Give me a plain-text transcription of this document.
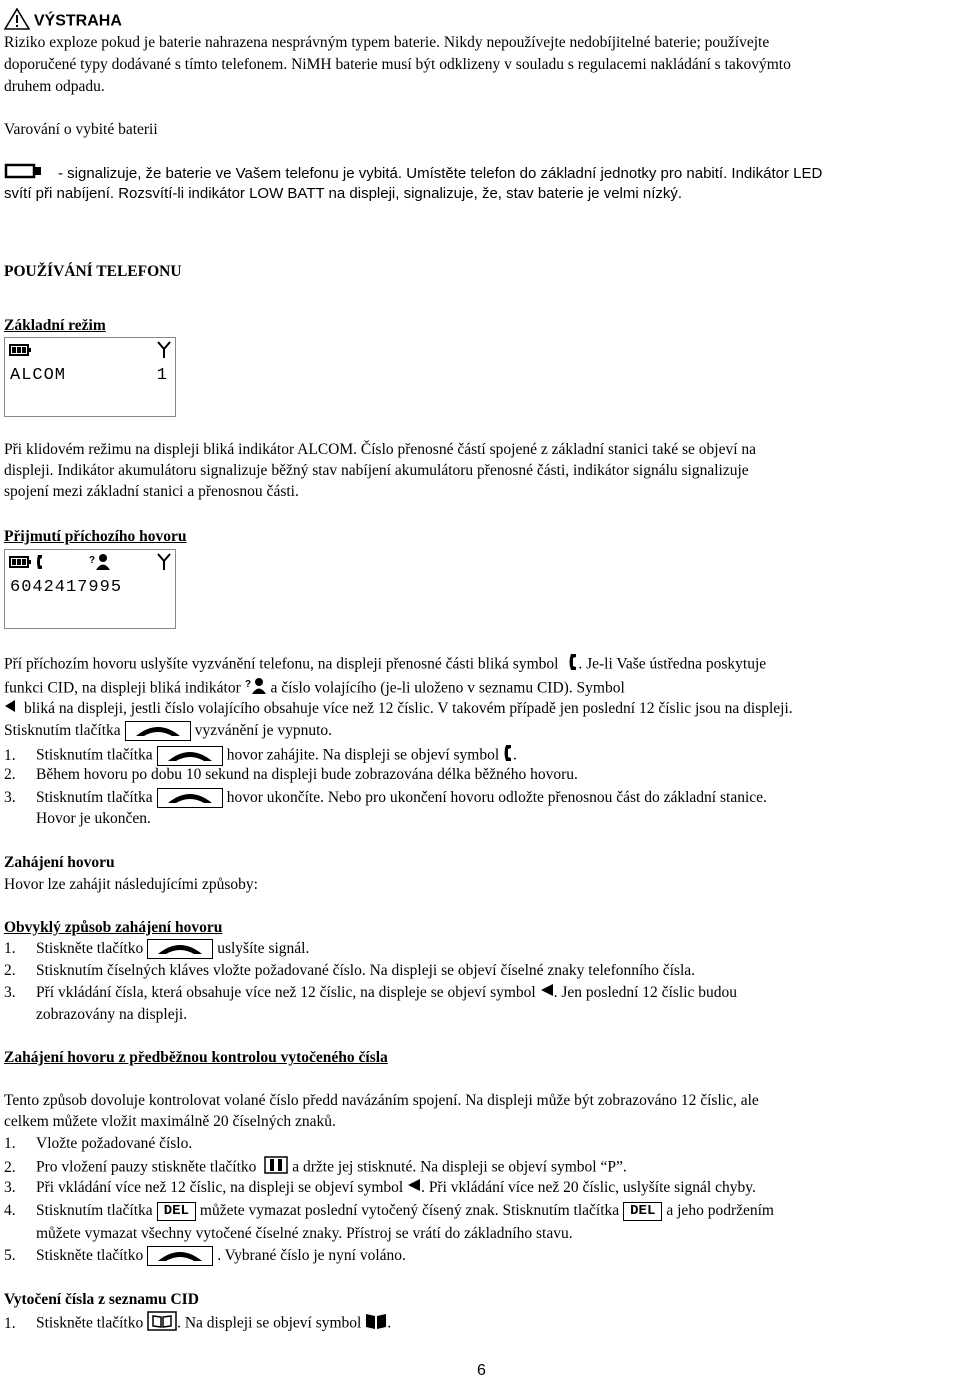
VÝSTRAHA
Riziko exploze pokud je baterie nahrazena nesprávným typem baterie. Nikdy nepoužívejte nedobíjitelné baterie; používejte
doporučené typy dodávané s tímto telefonem. NiMH baterie musí být odklizeny v souladu s regulacemi nakládání s takovýmto
druhem odpadu.
Varování o vybité baterii
- signalizuje, že baterie ve Vašem telefonu je vybitá. Umístěte telefon do základní jednotky pro nabití. Indikátor LED
svítí při nabíjení. Rozsvítí-li indikátor LOW BATT na displeji, signalizuje, že, stav baterie je velmi nízký.
POUŽÍVÁNÍ TELEFONU
Základní režim
ALCOM	1
Při klidovém režimu na displeji bliká indikátor ALCOM. Číslo přenosné částí spojené z základní stanici také se objeví na
displeji. Indikátor akumulátoru signalizuje běžný stav nabíjení akumulátoru přenosné části, indikátor signálu signalizuje
spojení mezi základní stanici a přenosnou části.
Přijmutí příchozího hovoru
?
6042417995
Pří příchozím hovoru uslyšíte vyzvánění telefonu, na displeji přenosné části bliká symbol . Je-li Vaše ústředna poskytuje
funkci CID, na displeji bliká indikátor ? a číslo volajícího (je-li uloženo v seznamu CID). Symbol
bliká na displeji, jestli číslo volajícího obsahuje více než 12 číslic. V takovém případě jen poslední 12 číslic jsou na displeji.
Stisknutím tlačítka	vyzvánění je vypnuto.
1. Stisknutím tlačítka	hovor zahájite. Na displeji se objeví symbol .
2. Během hovoru po dobu 10 sekund na displeji bude zobrazována délka běžného hovoru.
3. Stisknutím tlačítka	hovor ukončíte. Nebo pro ukončení hovoru odložte přenosnou část do základní stanice.
Hovor je ukončen.
Zahájení hovoru
Hovor lze zahájit následujícími způsoby:
Obvyklý způsob zahájení hovoru
1. Stiskněte tlačítko	uslyšíte signál.
2. Stisknutím číselných kláves vložte požadované číslo. Na displeji se objeví číselné znaky telefonního čísla.
3. Pří vkládání čísla, která obsahuje více než 12 číslic, na displeje se objeví symbol . Jen poslední 12 číslic budou
zobrazovány na displeji.
Zahájení hovoru z předběžnou kontrolou vytočeného čísla
Tento způsob dovoluje kontrolovat volané číslo předd navázáním spojení. Na displeji může být zobrazováno 12 číslic, ale
celkem můžete vložit maximálně 20 číselných znaků.
1. Vložte požadované číslo.
2. Pro vložení pauzy stiskněte tlačítko a držte jej stisknuté. Na displeji se objeví symbol “P”.
3. Při vkládání více než 12 číslic, na displeji se objeví symbol . Při vkládání více než 20 číslic, uslyšíte signál chyby.
4. Stisknutím tlačítka DEL můžete vymazat poslední vytočený čísený znak. Stisknutím tlačítka DEL a jeho podržením
můžete vymazat všechny vytočené číselné znaky. Přístroj se vrátí do základního stavu.
5. Stiskněte tlačítko	. Vybrané číslo je nyní voláno.
Vytočení čísla z seznamu CID
1. Stiskněte tlačítko . Na displeji se objeví symbol .
6
